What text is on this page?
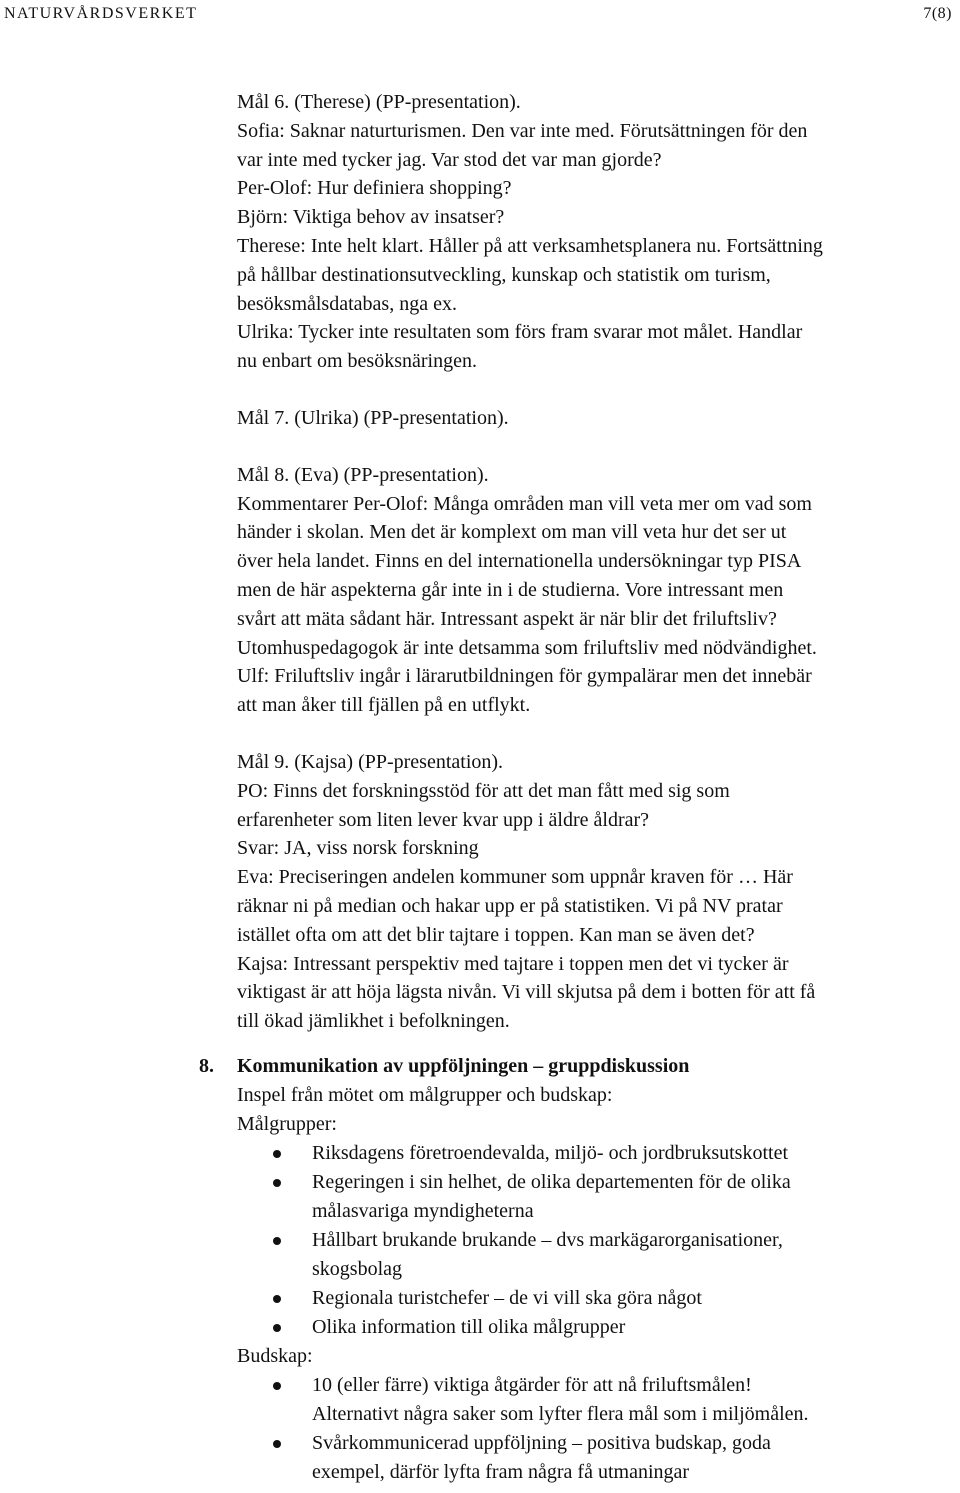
NATURVÅRDSVERKET	7(8)
Mål 6. (Therese) (PP-presentation).
Sofia: Saknar naturturismen. Den var inte med. Förutsättningen för den
var inte med tycker jag. Var stod det var man gjorde?
Per-Olof: Hur definiera shopping?
Björn: Viktiga behov av insatser?
Therese: Inte helt klart. Håller på att verksamhetsplanera nu. Fortsättning
på hållbar destinationsutveckling, kunskap och statistik om turism,
besöksmålsdatabas, nga ex.
Ulrika: Tycker inte resultaten som förs fram svarar mot målet. Handlar
nu enbart om besöksnäringen.
Mål 7. (Ulrika) (PP-presentation).
Mål 8. (Eva) (PP-presentation).
Kommentarer Per-Olof: Många områden man vill veta mer om vad som
händer i skolan. Men det är komplext om man vill veta hur det ser ut
över hela landet. Finns en del internationella undersökningar typ PISA
men de här aspekterna går inte in i de studierna. Vore intressant men
svårt att mäta sådant här. Intressant aspekt är när blir det friluftsliv?
Utomhuspedagogok är inte detsamma som friluftsliv med nödvändighet.
Ulf: Friluftsliv ingår i lärarutbildningen för gympalärar men det innebär
att man åker till fjällen på en utflykt.
Mål 9. (Kajsa) (PP-presentation).
PO: Finns det forskningsstöd för att det man fått med sig som
erfarenheter som liten lever kvar upp i äldre åldrar?
Svar: JA, viss norsk forskning
Eva: Preciseringen andelen kommuner som uppnår kraven för … Här
räknar ni på median och hakar upp er på statistiken. Vi på NV pratar
istället ofta om att det blir tajtare i toppen. Kan man se även det?
Kajsa: Intressant perspektiv med tajtare i toppen men det vi tycker är
viktigast är att höja lägsta nivån. Vi vill skjutsa på dem i botten för att få
till ökad jämlikhet i befolkningen.
8. Kommunikation av uppföljningen – gruppdiskussion
Inspel från mötet om målgrupper och budskap:
Målgrupper:
Riksdagens företroendevalda, miljö- och jordbruksutskottet
Regeringen i sin helhet, de olika departementen för de olika
målasvariga myndigheterna
Hållbart brukande brukande – dvs markägarorganisationer,
skogsbolag
Regionala turistchefer – de vi vill ska göra något
Olika information till olika målgrupper
Budskap:
10 (eller färre) viktiga åtgärder för att nå friluftsmålen!
Alternativt några saker som lyfter flera mål som i miljömålen.
Svårkommunicerad uppföljning – positiva budskap, goda
exempel, därför lyfta fram några få utmaningar
